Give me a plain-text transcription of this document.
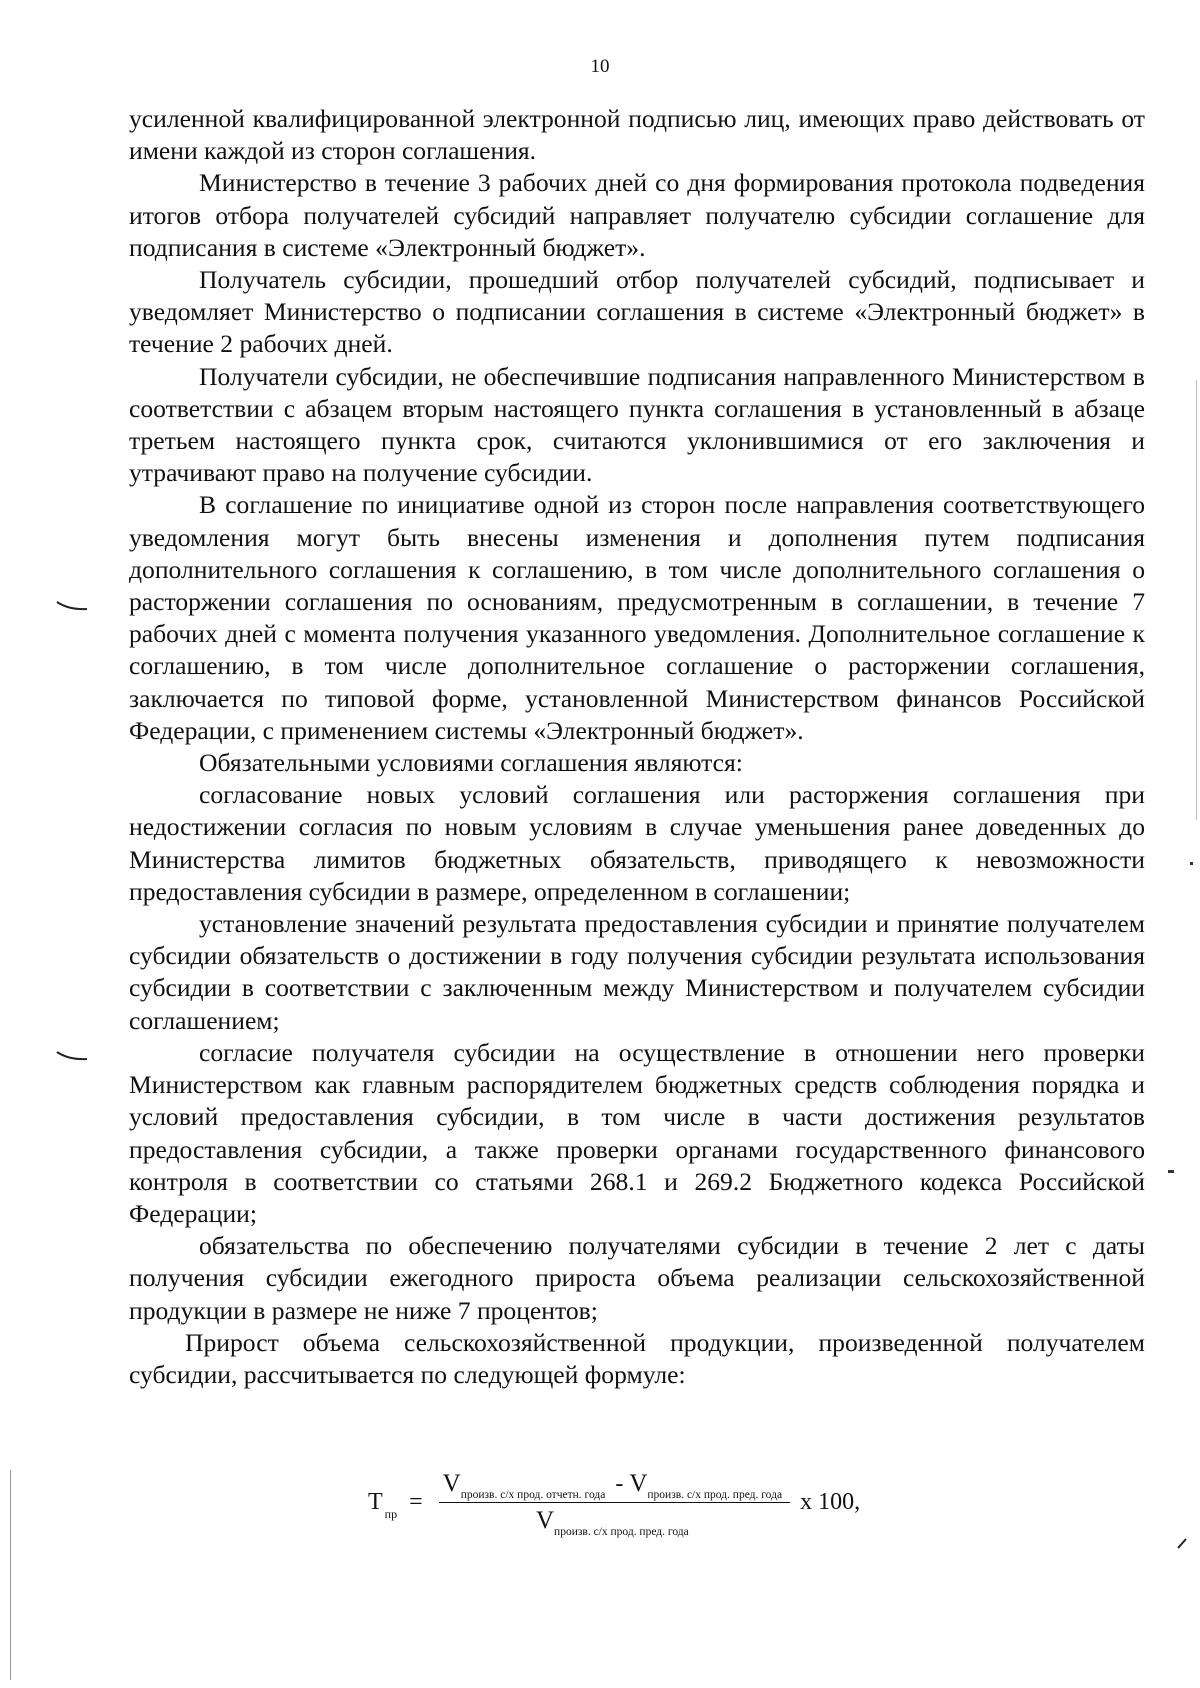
10

усиленной квалифицированной электронной подписью лиц, имеющих право действовать от имени каждой из сторон соглашения.

Министерство в течение 3 рабочих дней со дня формирования протокола подведения итогов отбора получателей субсидий направляет получателю субсидии соглашение для подписания в системе «Электронный бюджет».

Получатель субсидии, прошедший отбор получателей субсидий, подписывает и уведомляет Министерство о подписании соглашения в системе «Электронный бюджет» в течение 2 рабочих дней.

Получатели субсидии, не обеспечившие подписания направленного Министерством в соответствии с абзацем вторым настоящего пункта соглашения в установленный в абзаце третьем настоящего пункта срок, считаются уклонившимися от его заключения и утрачивают право на получение субсидии.

В соглашение по инициативе одной из сторон после направления соответствующего уведомления могут быть внесены изменения и дополнения путем подписания дополнительного соглашения к соглашению, в том числе дополнительного соглашения о расторжении соглашения по основаниям, предусмотренным в соглашении, в течение 7 рабочих дней с момента получения указанного уведомления. Дополнительное соглашение к соглашению, в том числе дополнительное соглашение о расторжении соглашения, заключается по типовой форме, установленной Министерством финансов Российской Федерации, с применением системы «Электронный бюджет».

Обязательными условиями соглашения являются:

согласование новых условий соглашения или расторжения соглашения при недостижении согласия по новым условиям в случае уменьшения ранее доведенных до Министерства лимитов бюджетных обязательств, приводящего к невозможности предоставления субсидии в размере, определенном в соглашении;

установление значений результата предоставления субсидии и принятие получателем субсидии обязательств о достижении в году получения субсидии результата использования субсидии в соответствии с заключенным между Министерством и получателем субсидии соглашением;

согласие получателя субсидии на осуществление в отношении него проверки Министерством как главным распорядителем бюджетных средств соблюдения порядка и условий предоставления субсидии, в том числе в части достижения результатов предоставления субсидии, а также проверки органами государственного финансового контроля в соответствии со статьями 268.1 и 269.2 Бюджетного кодекса Российской Федерации;

обязательства по обеспечению получателями субсидии в течение 2 лет с даты получения субсидии ежегодного прироста объема реализации сельскохозяйственной продукции в размере не ниже 7 процентов;

Прирост объема сельскохозяйственной продукции, произведенной получателем субсидии, рассчитывается по следующей формуле:

T пр =
V произв. с/х прод. отчетн. года - V произв. с/х прод. пред. года
V произв. с/х прод. пред. года
x 100 ,
